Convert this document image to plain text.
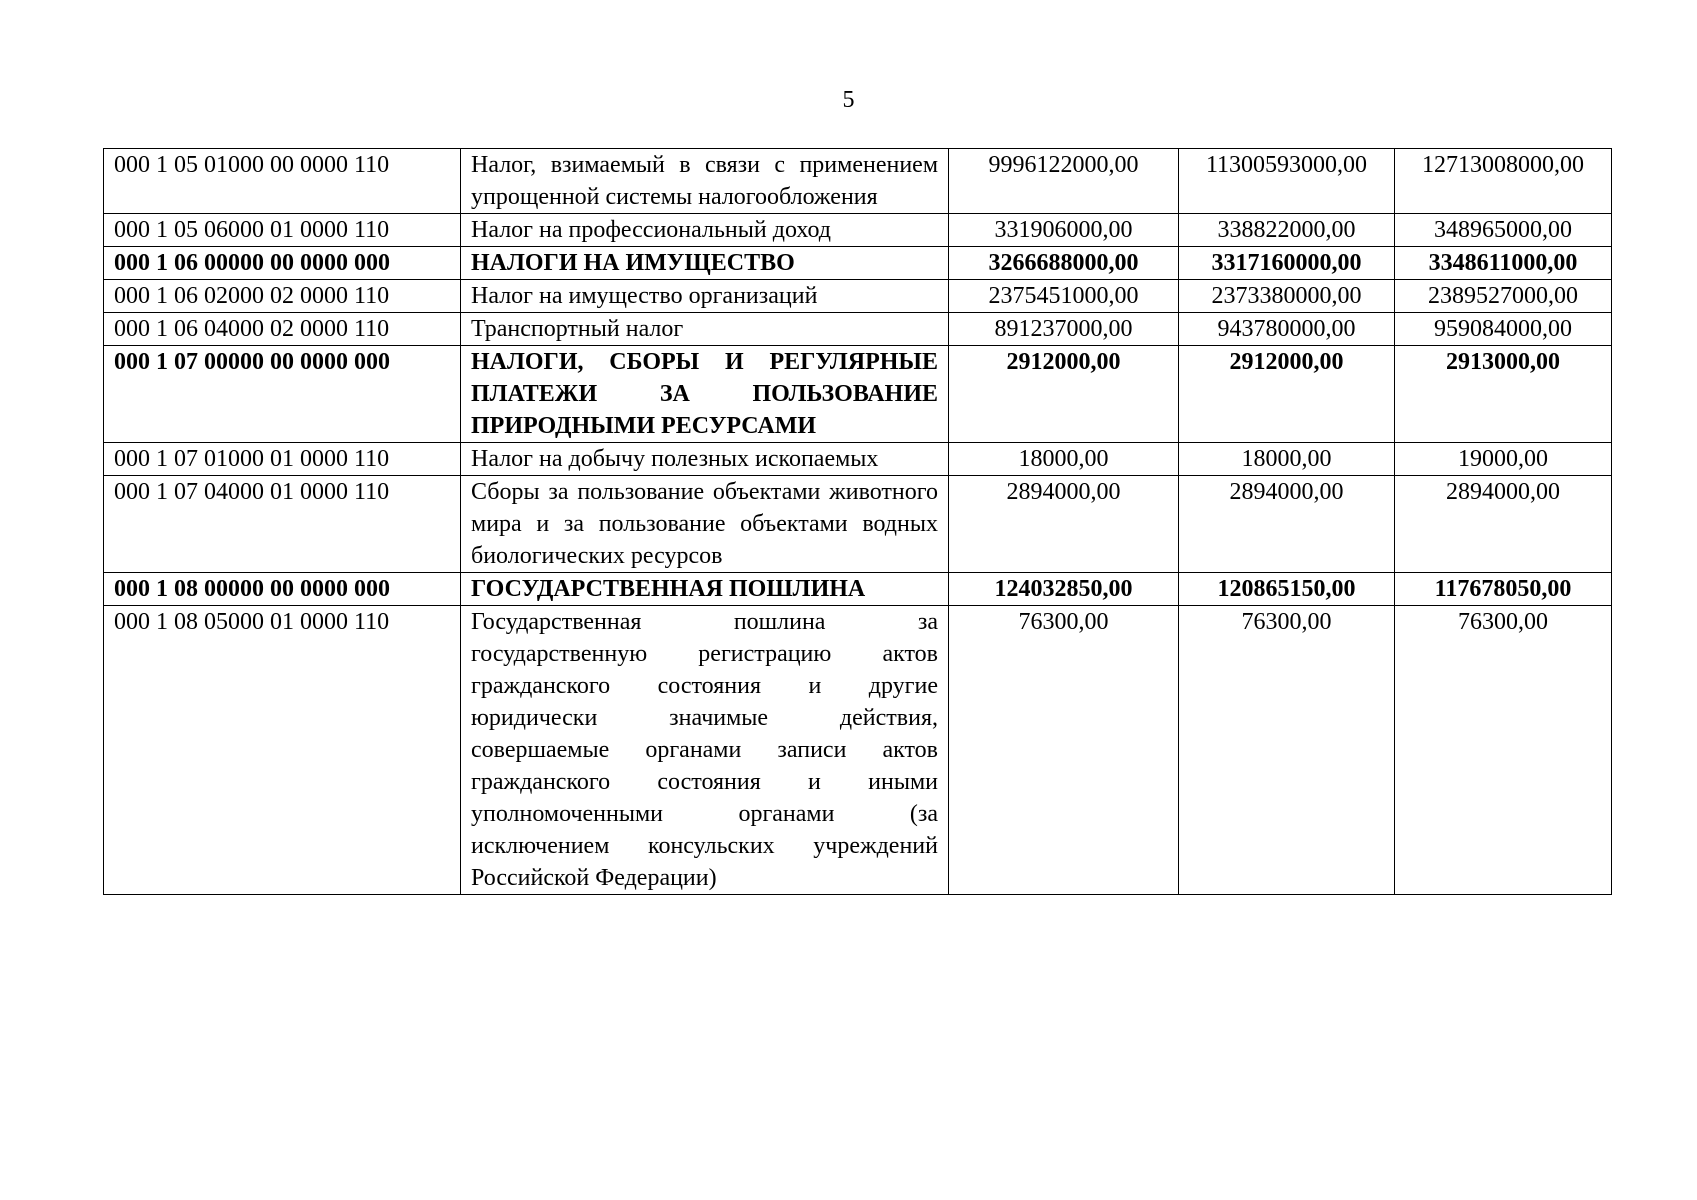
5
000 1 05 01000 00 0000 110	Налог, взимаемый в связи с применением упрощенной системы налогообложения	9996122000,00	11300593000,00	12713008000,00
000 1 05 06000 01 0000 110	Налог на профессиональный доход	331906000,00	338822000,00	348965000,00
000 1 06 00000 00 0000 000	НАЛОГИ НА ИМУЩЕСТВО	3266688000,00	3317160000,00	3348611000,00
000 1 06 02000 02 0000 110	Налог на имущество организаций	2375451000,00	2373380000,00	2389527000,00
000 1 06 04000 02 0000 110	Транспортный налог	891237000,00	943780000,00	959084000,00
000 1 07 00000 00 0000 000	НАЛОГИ, СБОРЫ И РЕГУЛЯРНЫЕ ПЛАТЕЖИ ЗА ПОЛЬЗОВАНИЕ ПРИРОДНЫМИ РЕСУРСАМИ	2912000,00	2912000,00	2913000,00
000 1 07 01000 01 0000 110	Налог на добычу полезных ископаемых	18000,00	18000,00	19000,00
000 1 07 04000 01 0000 110	Сборы за пользование объектами животного мира и за пользование объектами водных биологических ресурсов	2894000,00	2894000,00	2894000,00
000 1 08 00000 00 0000 000	ГОСУДАРСТВЕННАЯ ПОШЛИНА	124032850,00	120865150,00	117678050,00
000 1 08 05000 01 0000 110	Государственная пошлина за государственную регистрацию актов гражданского состояния и другие юридически значимые действия, совершаемые органами записи актов гражданского состояния и иными уполномоченными органами (за исключением консульских учреждений Российской Федерации)	76300,00	76300,00	76300,00
